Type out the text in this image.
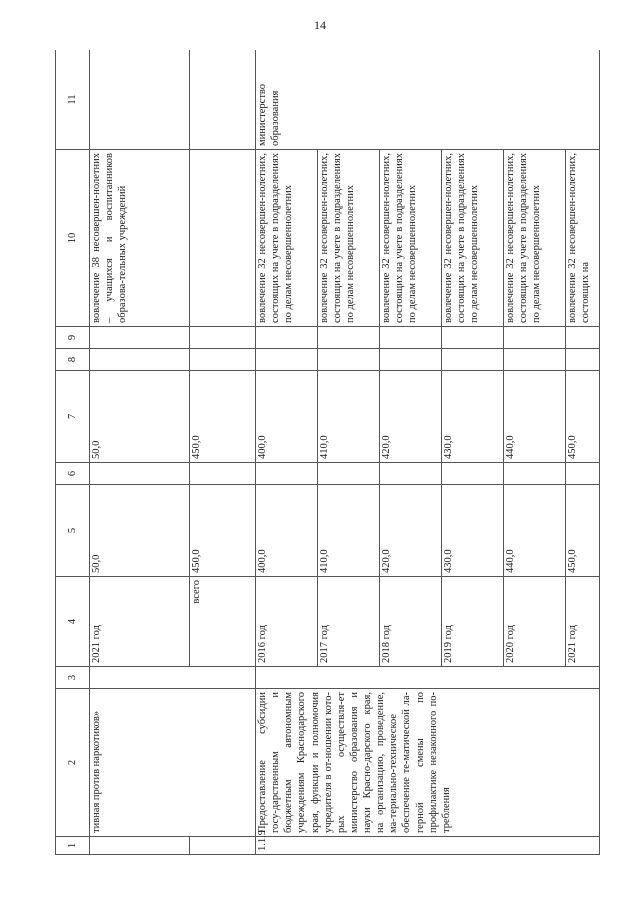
14
1	2	3	4	5	6	7	8	9	10	11
	тивная против наркотиков»		2021 год	50,0		50,0			вовлечение 38 несовершен-нолетних – учащихся и воспитанников образова-тельных учреждений	
			всего	450,0		450,0				
1.1.9	Предоставление субсидии госу-дарственным и бюджетным автономным учреждениям Краснодарского края, функции и полномочия учредителя в от-ношении кото-рых осуществля-ет министерство образования и науки Красно-дарского края, на организацию, проведение, ма-териально-техническое обеспечение те-матической ла-герной смены по профилактике незаконного по-требления		2016 год	400,0		400,0			вовлечение 32 несовершен-нолетних, состоящих на учете в подразделениях по делам несовершеннолетних	министерство образования
			2017 год	410,0		410,0			вовлечение 32 несовершен-нолетних, состоящих на учете в подразделениях по делам несовершеннолетних	
			2018 год	420,0		420,0			вовлечение 32 несовершен-нолетних, состоящих на учете в подразделениях по делам несовершеннолетних	
			2019 год	430,0		430,0			вовлечение 32 несовершен-нолетних, состоящих на учете в подразделениях по делам несовершеннолетних	
			2020 год	440,0		440,0			вовлечение 32 несовершен-нолетних, состоящих на учете в подразделениях по делам несовершеннолетних	
			2021 год	450,0		450,0			вовлечение 32 несовершен-нолетних, состоящих на	
